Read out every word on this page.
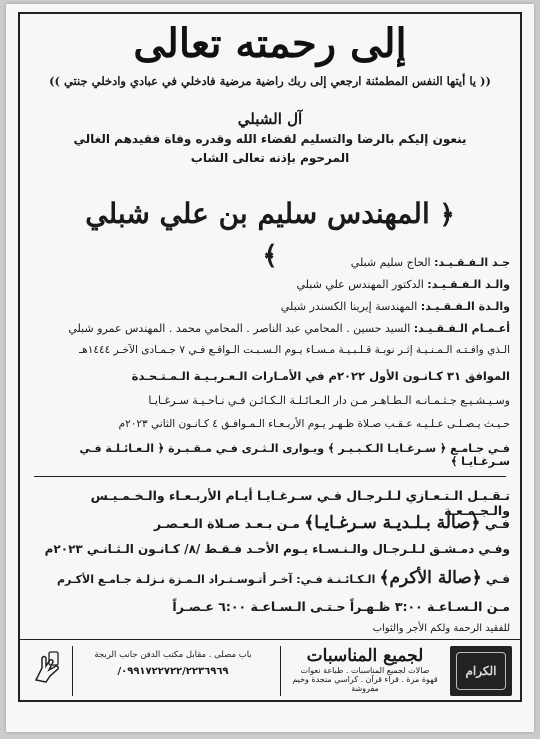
إلى رحمته تعالى
(( يا أيتها النفس المطمئنة ارجعي إلى ربك راضية مرضية فادخلي في عبادي وادخلي جنتي ))
آل الشبلي
ينعون إليكم بالرضا والتسليم لقضاء الله وقدره وفاة فقيدهم الغالي
المرحوم بإذنه تعالى الشاب
﴿ المهندس سليم بن علي شبلي ﴾	جـد الـفـقـيـد: الحاج سليم شبلي
والـد الـفـقـيـد: الدكتور المهندس علي شبلي
والـدة الـفـقـيـد: المهندسة إيرينا الكسندر شبلي
أعـمـام الـفـقـيـد: السيد حسين . المحامي عبد الناصر . المحامي محمد . المهندس عمرو شبلي
الـذي وافـتـه الـمـنـيـة إثـر نوبـة قـلـبـيـة مـسـاء يـوم الـسـبـت الـواقـع فـي ٧ جـمـادى الآخـر ١٤٤٤هـ
الموافق ٣١ كـانـون الأول ٢٠٢٢م في الأمـارات الـعـربـيـة الـمـتـحـدة
وسـيـشـيـع جـثـمـانـه الـطـاهـر مـن دار الـعـائـلـة الـكـائـن فـي نـاحـيـة سـرغـايـا
حـيـث يـصـلـى عـلـيـه عـقـب صـلاة ظـهـر يـوم الأربـعـاء الـمـوافـق ٤ كـانـون الثاني ٢٠٢٣م
فـي جـامـع ﴿ سـرغـايـا الـكـبـيـر ﴾ ويـوارى الـثـرى فـي مـقـبـرة ﴿ الـعـائـلـة فـي سـرغـايـا ﴾
تـقـبـل الـتـعـازي لـلـرجـال فـي سـرغـايـا أيـام الأربـعـاء والـخـمـيـس والـجـمـعـة
فـي ﴿صالة بـلـديـة سـرغـايـا﴾ مـن بـعـد صـلاة الـعـصـر
وفـي دمـشـق لـلـرجـال والـنـسـاء يـوم الأحـد فـقـط /٨/ كـانـون الـثـانـي ٢٠٢٣م
فـي ﴿صالة الأكرم﴾ الـكـائـنـة فـي: آخـر أتـوسـتـراد الـمـزة نـزلـة جـامـع الأكـرم
مـن الـسـاعـة ٣:٠٠ ظـهـراً حـتـى الـسـاعـة ٦:٠٠ عـصـراً
للفقيد الرحمة ولكم الأجر والثواب
الكرام
لجميع المناسبات
صالات لجميع المناسبات . طباعة نعوات
قهوة مرة . قراء قرآن . كراسي منجدة وخيم مفروشة
باب مصلى . مقابل مكتب الدفن جانب الربجة
٠٩٩١٧٢٢٧٢٢/٢٢٣٦٩٦٩/
